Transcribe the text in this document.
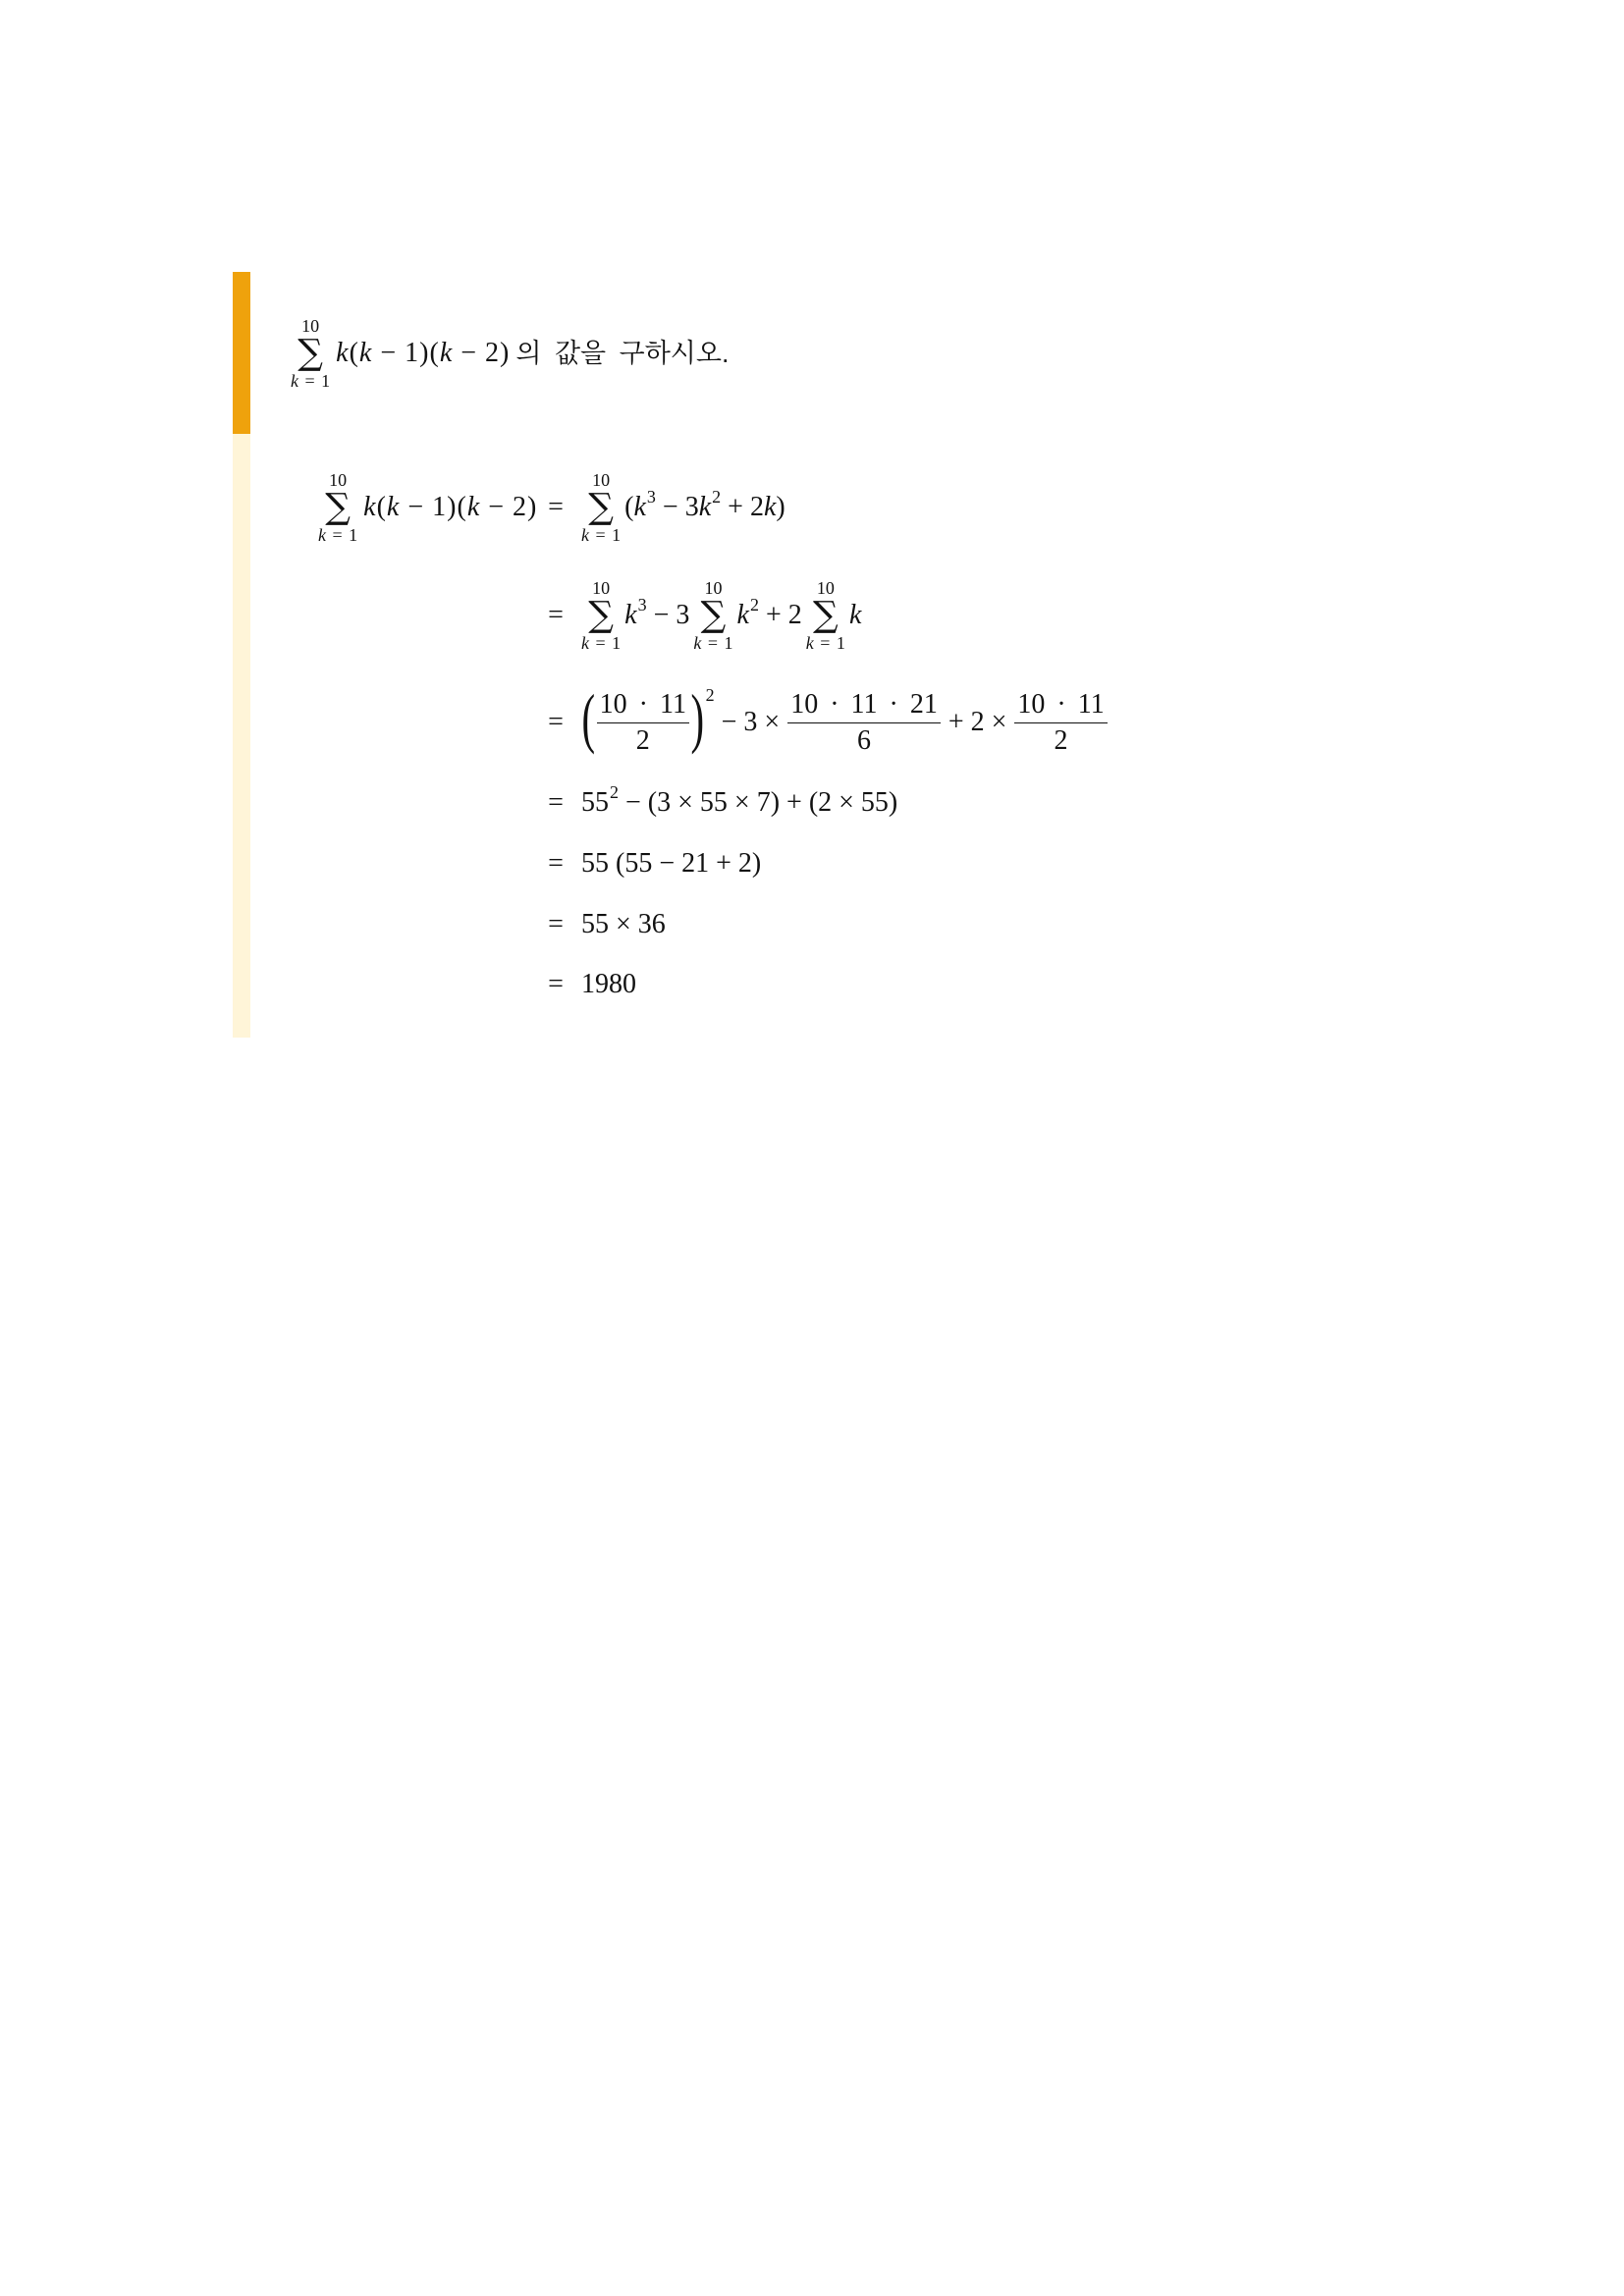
10
∑
k = 1
k(k − 1)(k − 2) 의 값을 구하시오.
10
∑
k = 1
k(k − 1)(k − 2) =
10
∑
k = 1
(k 3 − 3k 2 + 2k)
=
10
∑
k = 1
k 3 − 3
10
∑
k = 1
k 2 + 2
10
∑
k = 1
k
= ( $\frac{10 \cdot 11}{2}$ ) 2
− $3 \times \frac{10 \cdot 11 \cdot 21}{6} + 2 \times \frac{10 \cdot 11}{2}$
= 55 2 − (3 × 55 × 7) + (2 × 55)
= 55 (55 − 21 + 2)
= 55 × 36
= 1980
